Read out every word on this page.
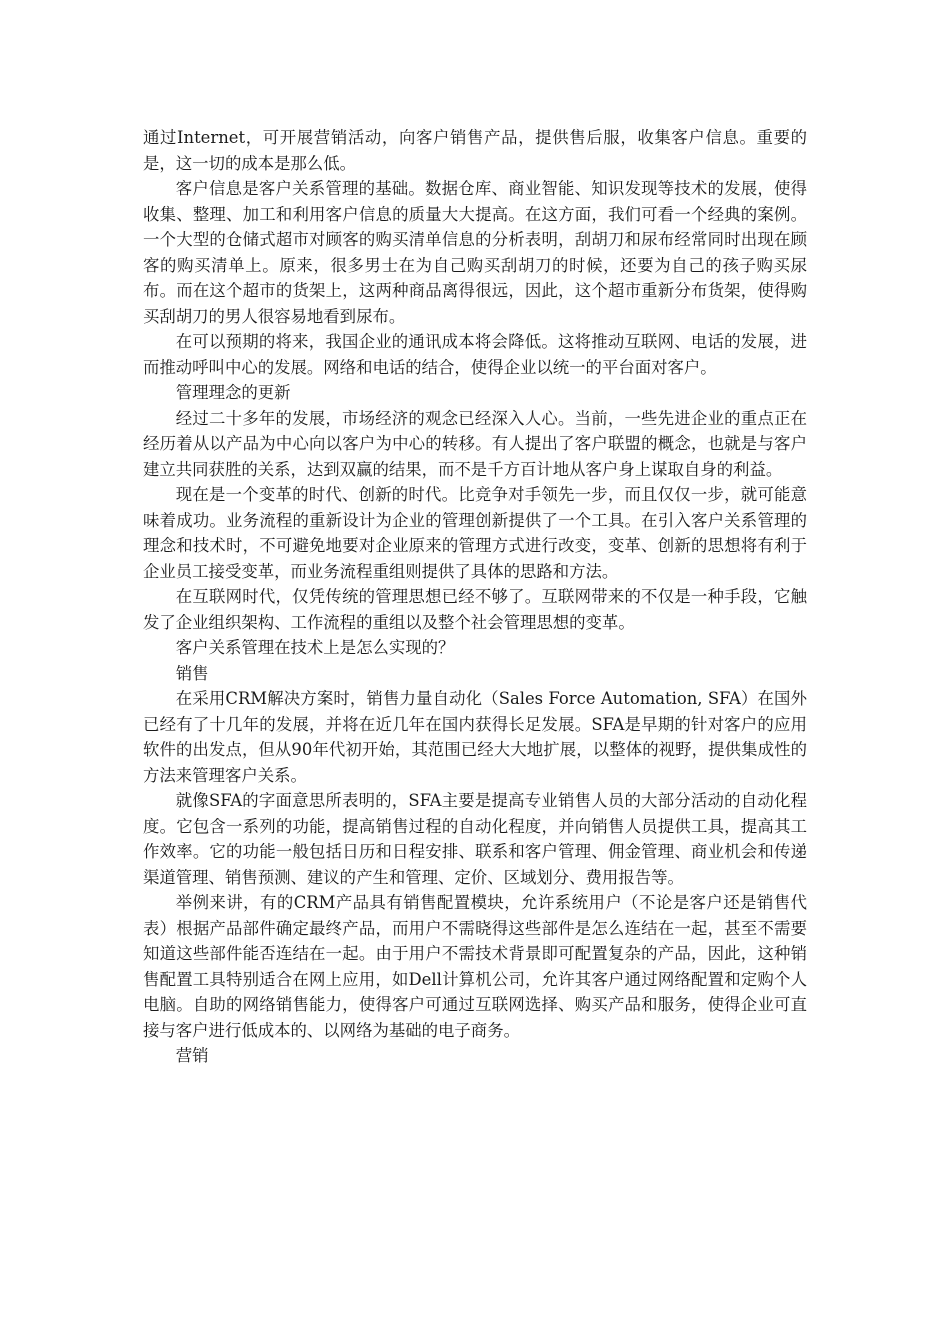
通过Internet，可开展营销活动，向客户销售产品，提供售后服，收集客户信息。重要的是，这一切的成本是那么低。

客户信息是客户关系管理的基础。数据仓库、商业智能、知识发现等技术的发展，使得收集、整理、加工和利用客户信息的质量大大提高。在这方面，我们可看一个经典的案例。一个大型的仓储式超市对顾客的购买清单信息的分析表明，刮胡刀和尿布经常同时出现在顾客的购买清单上。原来，很多男士在为自己购买刮胡刀的时候，还要为自己的孩子购买尿布。而在这个超市的货架上，这两种商品离得很远，因此，这个超市重新分布货架，使得购买刮胡刀的男人很容易地看到尿布。

在可以预期的将来，我国企业的通讯成本将会降低。这将推动互联网、电话的发展，进而推动呼叫中心的发展。网络和电话的结合，使得企业以统一的平台面对客户。

管理理念的更新

经过二十多年的发展，市场经济的观念已经深入人心。当前，一些先进企业的重点正在经历着从以产品为中心向以客户为中心的转移。有人提出了客户联盟的概念，也就是与客户建立共同获胜的关系，达到双赢的结果，而不是千方百计地从客户身上谋取自身的利益。

现在是一个变革的时代、创新的时代。比竞争对手领先一步，而且仅仅一步，就可能意味着成功。业务流程的重新设计为企业的管理创新提供了一个工具。在引入客户关系管理的理念和技术时，不可避免地要对企业原来的管理方式进行改变，变革、创新的思想将有利于企业员工接受变革，而业务流程重组则提供了具体的思路和方法。

在互联网时代，仅凭传统的管理思想已经不够了。互联网带来的不仅是一种手段，它触发了企业组织架构、工作流程的重组以及整个社会管理思想的变革。

客户关系管理在技术上是怎么实现的？

销售

在采用CRM解决方案时，销售力量自动化（Sales Force Automation, SFA）在国外已经有了十几年的发展，并将在近几年在国内获得长足发展。SFA是早期的针对客户的应用软件的出发点，但从90年代初开始，其范围已经大大地扩展，以整体的视野，提供集成性的方法来管理客户关系。

就像SFA的字面意思所表明的，SFA主要是提高专业销售人员的大部分活动的自动化程度。它包含一系列的功能，提高销售过程的自动化程度，并向销售人员提供工具，提高其工作效率。它的功能一般包括日历和日程安排、联系和客户管理、佣金管理、商业机会和传递渠道管理、销售预测、建议的产生和管理、定价、区域划分、费用报告等。

举例来讲，有的CRM产品具有销售配置模块，允许系统用户（不论是客户还是销售代表）根据产品部件确定最终产品，而用户不需晓得这些部件是怎么连结在一起，甚至不需要知道这些部件能否连结在一起。由于用户不需技术背景即可配置复杂的产品，因此，这种销售配置工具特别适合在网上应用，如Dell计算机公司，允许其客户通过网络配置和定购个人电脑。自助的网络销售能力，使得客户可通过互联网选择、购买产品和服务，使得企业可直接与客户进行低成本的、以网络为基础的电子商务。

营销
